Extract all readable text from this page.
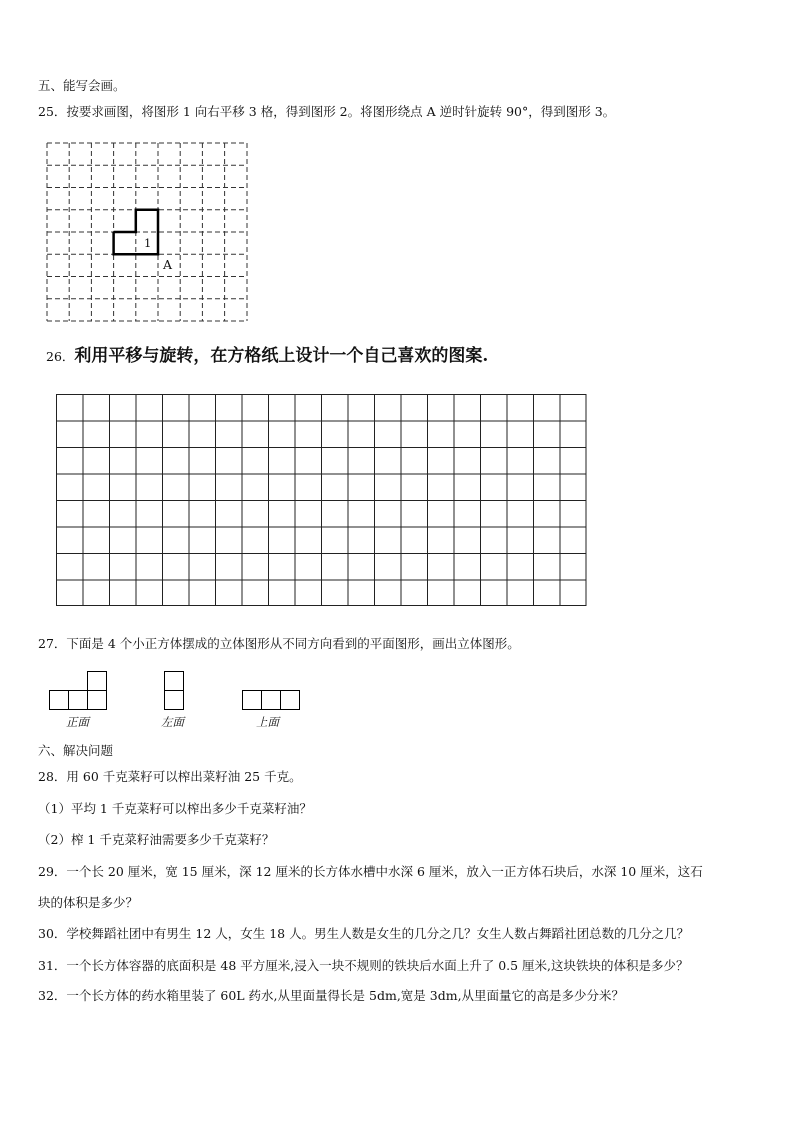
五、能写会画。
25．按要求画图，将图形 1 向右平移 3 格，得到图形 2。将图形绕点 A 逆时针旋转 90°，得到图形 3。
1
A
26．利用平移与旋转，在方格纸上设计一个自己喜欢的图案.
27．下面是 4 个小正方体摆成的立体图形从不同方向看到的平面图形，画出立体图形。
正面	左面	上面
六、解决问题
28．用 60 千克菜籽可以榨出菜籽油 25 千克。
（1）平均 1 千克菜籽可以榨出多少千克菜籽油？
（2）榨 1 千克菜籽油需要多少千克菜籽？
29．一个长 20 厘米，宽 15 厘米，深 12 厘米的长方体水槽中水深 6 厘米，放入一正方体石块后，水深 10 厘米，这石
块的体积是多少？
30．学校舞蹈社团中有男生 12 人，女生 18 人。男生人数是女生的几分之几？女生人数占舞蹈社团总数的几分之几？
31．一个长方体容器的底面积是 48 平方厘米,浸入一块不规则的铁块后水面上升了 0.5 厘米,这块铁块的体积是多少？
32．一个长方体的药水箱里装了 60L 药水,从里面量得长是 5dm,宽是 3dm,从里面量它的高是多少分米？
